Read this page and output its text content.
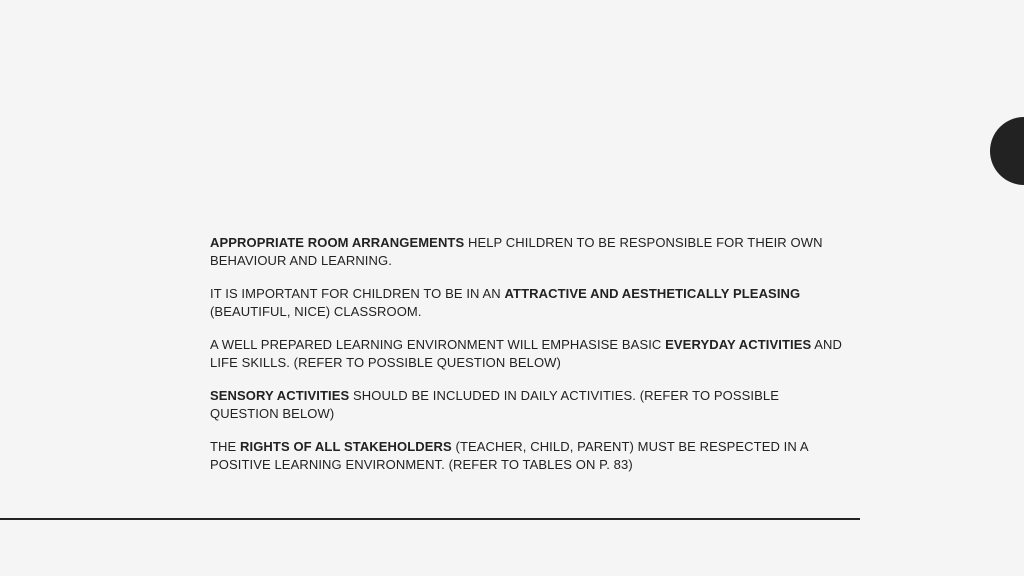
APPROPRIATE ROOM ARRANGEMENTS HELP CHILDREN TO BE RESPONSIBLE FOR THEIR OWN BEHAVIOUR AND LEARNING.

IT IS IMPORTANT FOR CHILDREN TO BE IN AN ATTRACTIVE AND AESTHETICALLY PLEASING (BEAUTIFUL, NICE) CLASSROOM.

A WELL PREPARED LEARNING ENVIRONMENT WILL EMPHASISE BASIC EVERYDAY ACTIVITIES AND LIFE SKILLS. (REFER TO POSSIBLE QUESTION BELOW)

SENSORY ACTIVITIES SHOULD BE INCLUDED IN DAILY ACTIVITIES. (REFER TO POSSIBLE QUESTION BELOW)

THE RIGHTS OF ALL STAKEHOLDERS (TEACHER, CHILD, PARENT) MUST BE RESPECTED IN A POSITIVE LEARNING ENVIRONMENT. (REFER TO TABLES ON P. 83)
